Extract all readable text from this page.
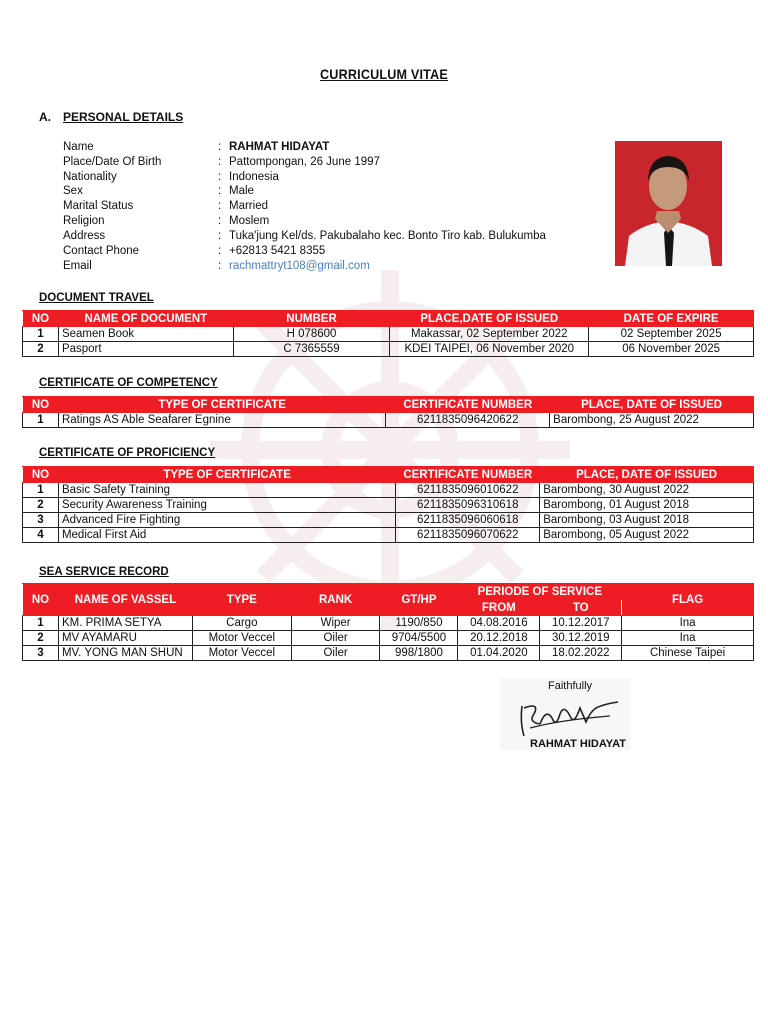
CURRICULUM VITAE
A. PERSONAL DETAILS
Name	: RAHMAT HIDAYAT
Place/Date Of Birth	: Pattompongan, 26 June 1997
Nationality	: Indonesia
Sex	: Male
Marital Status	: Married
Religion	: Moslem
Address	: Tuka'jung Kel/ds. Pakubalaho kec. Bonto Tiro kab. Bulukumba
Contact Phone	: +62813 5421 8355
Email	: rachmattryt108@gmail.com
DOCUMENT TRAVEL
NO	NAME OF DOCUMENT	NUMBER	PLACE,DATE OF ISSUED	DATE OF EXPIRE
1	Seamen Book	H 078600	Makassar, 02 September 2022	02 September 2025
2	Pasport	C 7365559	KDEI TAIPEI, 06 November 2020	06 November 2025
CERTIFICATE OF COMPETENCY
NO	TYPE OF CERTIFICATE	CERTIFICATE NUMBER	PLACE, DATE OF ISSUED
1	Ratings AS Able Seafarer Egnine	6211835096420622	Barombong, 25 August 2022
CERTIFICATE OF PROFICIENCY
NO	TYPE OF CERTIFICATE	CERTIFICATE NUMBER	PLACE, DATE OF ISSUED
1	Basic Safety Training	6211835096010622	Barombong, 30 August 2022
2	Security Awareness Training	6211835096310618	Barombong, 01 August 2018
3	Advanced Fire Fighting	6211835096060618	Barombong, 03 August 2018
4	Medical First Aid	6211835096070622	Barombong, 05 August 2022
SEA SERVICE RECORD
NO	NAME OF VASSEL	TYPE	RANK	GT/HP	PERIODE OF SERVICE		FLAG
					FROM	TO	
1	KM. PRIMA SETYA	Cargo	Wiper	1190/850	04.08.2016	10.12.2017	Ina
2	MV AYAMARU	Motor Veccel	Oiler	9704/5500	20.12.2018	30.12.2019	Ina
3	MV. YONG MAN SHUN	Motor Veccel	Oiler	998/1800	01.04.2020	18.02.2022	Chinese Taipei
Faithfully
RAHMAT HIDAYAT
